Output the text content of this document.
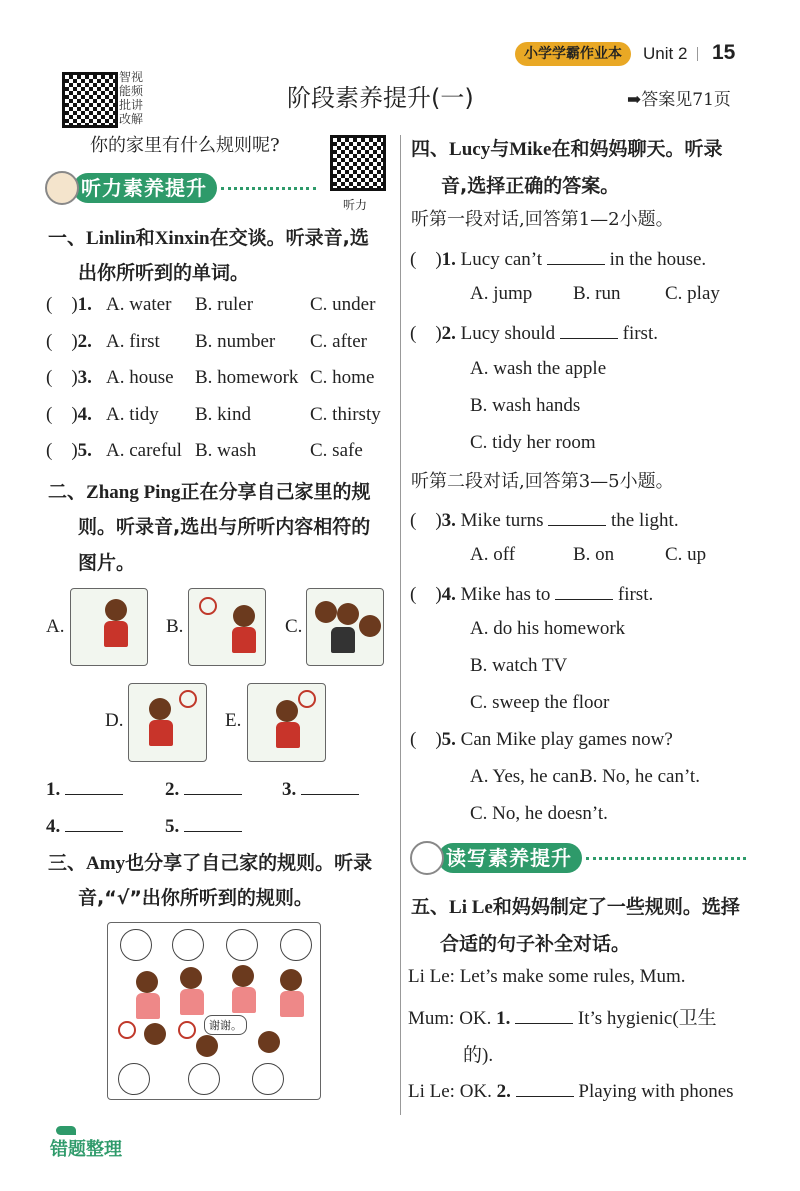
小学学霸作业本	Unit 2 15
智视
能频
批讲
改解
阶段素养提升(一)	➡答案见71页
你的家里有什么规则呢?
听力
听力素养提升
一、Linlin和Xinxin在交谈。听录音,选
出你所听到的单词。
二、Zhang Ping正在分享自己家里的规
则。听录音,选出与所听内容相符的
图片。
A.	B.	C.
D.	E.
1.	2.	3.
4.	5.
三、Amy也分享了自己家的规则。听录
音,“√”出你所听到的规则。
谢谢。
错题整理
四、Lucy与Mike在和妈妈聊天。听录
音,选择正确的答案。
听第一段对话,回答第1—2小题。
听第二段对话,回答第3—5小题。
读写素养提升
五、Li Le和妈妈制定了一些规则。选择
合适的句子补全对话。
Li Le: Let’s make some rules, Mum.
Mum: OK. 1.	It’s hygienic(卫生
的).
Li Le: OK. 2.	Playing with phones
(    )1. A. water B. ruler	C. under
(    )2. A. first B. number C. after
(    )3. A. house B. homework C. home
(    )4. A. tidy B. kind	C. thirsty
(    )5. A. careful B. wash	C. safe
(    )1. Lucy can’t	in the house.
A. jump B. run C. play
(    )2. Lucy should	first.
A. wash the apple
B. wash hands
C. tidy her room
(    )3. Mike turns	the light.
A. off	B. on	C. up
(    )4. Mike has to	first.
A. do his homework
B. watch TV
C. sweep the floor
(    )5. Can Mike play games now?
A. Yes, he can.
B. No, he can’t.
C. No, he doesn’t.
